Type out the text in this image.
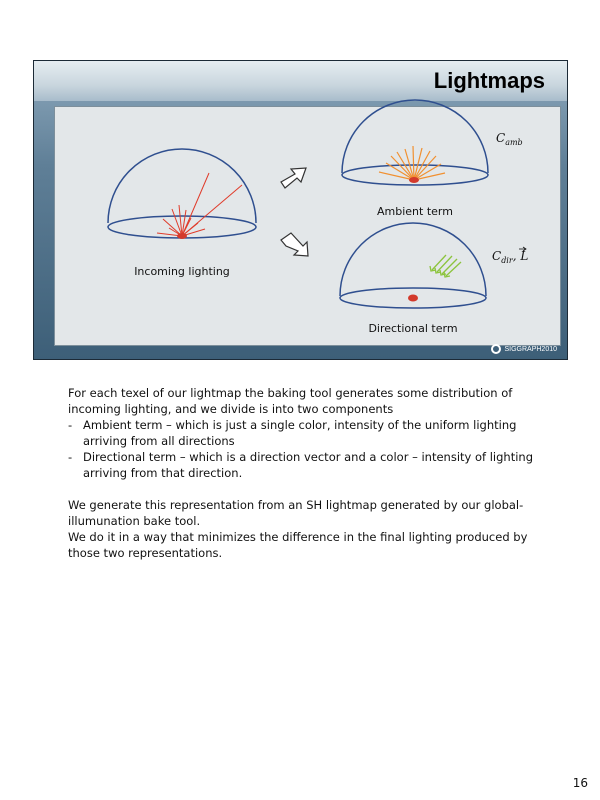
Lightmaps
SIGGRAPH2010
Incoming lighting
Ambient term
$C_{amb}$
Directional term
$C_{dir}$, L

For each texel of our lightmap the baking tool generates some distribution of incoming lighting, and we divide is into two components

- Ambient term – which is just a single color, intensity of the uniform lighting arriving from all directions
- Directional term – which is a direction vector and a color – intensity of lighting arriving from that direction.

We generate this representation from an SH lightmap generated by our global-illumunation bake tool.

We do it in a way that minimizes the difference in the final lighting produced by those two representations.

16
